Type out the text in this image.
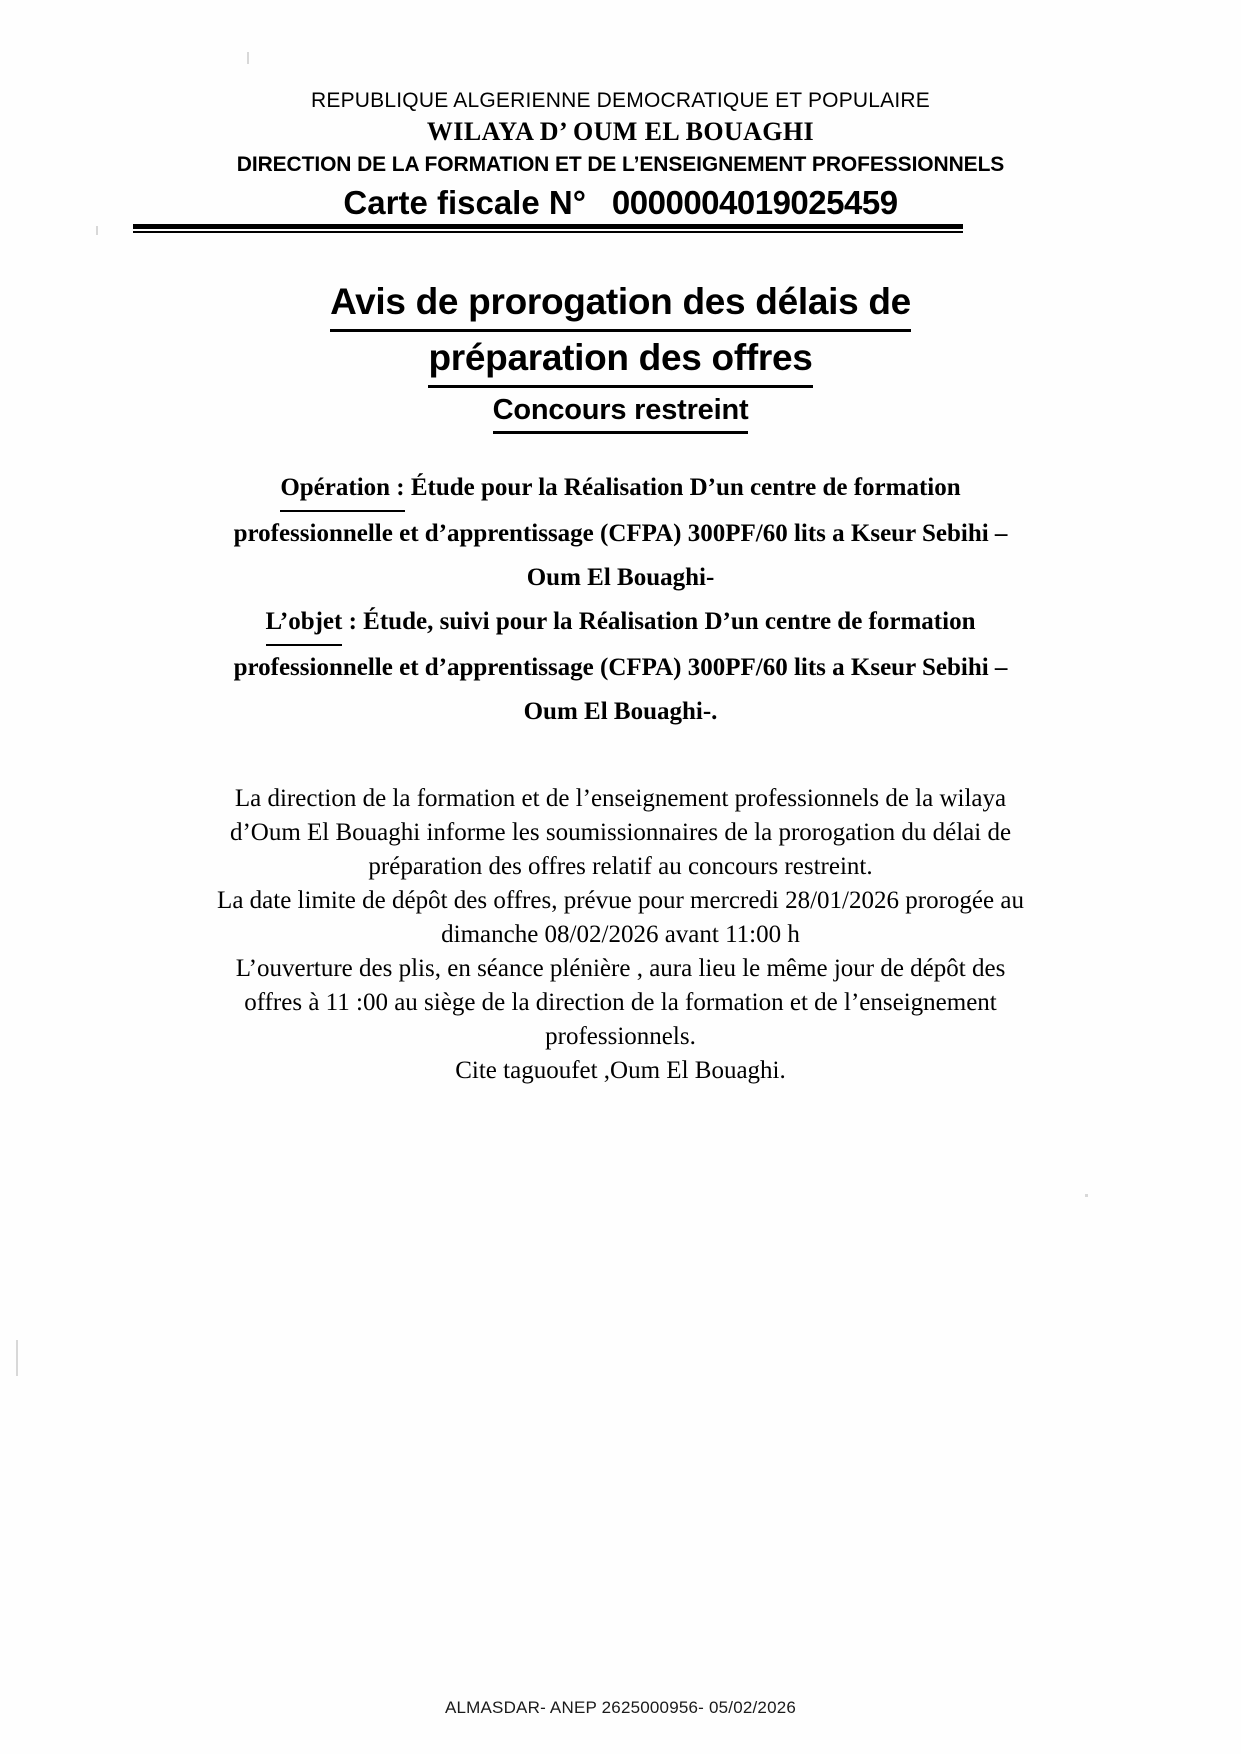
REPUBLIQUE ALGERIENNE DEMOCRATIQUE ET POPULAIRE
WILAYA D’ OUM EL BOUAGHI
DIRECTION DE LA FORMATION ET DE L’ENSEIGNEMENT PROFESSIONNELS
Carte fiscale N° 0000004019025459
Avis de prorogation des délais de
préparation des offres
Concours restreint
Opération : Étude pour la Réalisation D’un centre de formation
professionnelle et d’apprentissage (CFPA) 300PF/60 lits a Kseur Sebihi –
Oum El Bouaghi-
L’objet : Étude, suivi pour la Réalisation D’un centre de formation
professionnelle et d’apprentissage (CFPA) 300PF/60 lits a Kseur Sebihi –
Oum El Bouaghi-.
La direction de la formation et de l’enseignement professionnels de la wilaya
d’Oum El Bouaghi informe les soumissionnaires de la prorogation du délai de
préparation des offres relatif au concours restreint.
La date limite de dépôt des offres, prévue pour mercredi 28/01/2026 prorogée au
dimanche 08/02/2026 avant 11:00 h
L’ouverture des plis, en séance plénière , aura lieu le même jour de dépôt des
offres à 11 :00 au siège de la direction de la formation et de l’enseignement
professionnels.
Cite taguoufet ,Oum El Bouaghi.
ALMASDAR- ANEP 2625000956- 05/02/2026
